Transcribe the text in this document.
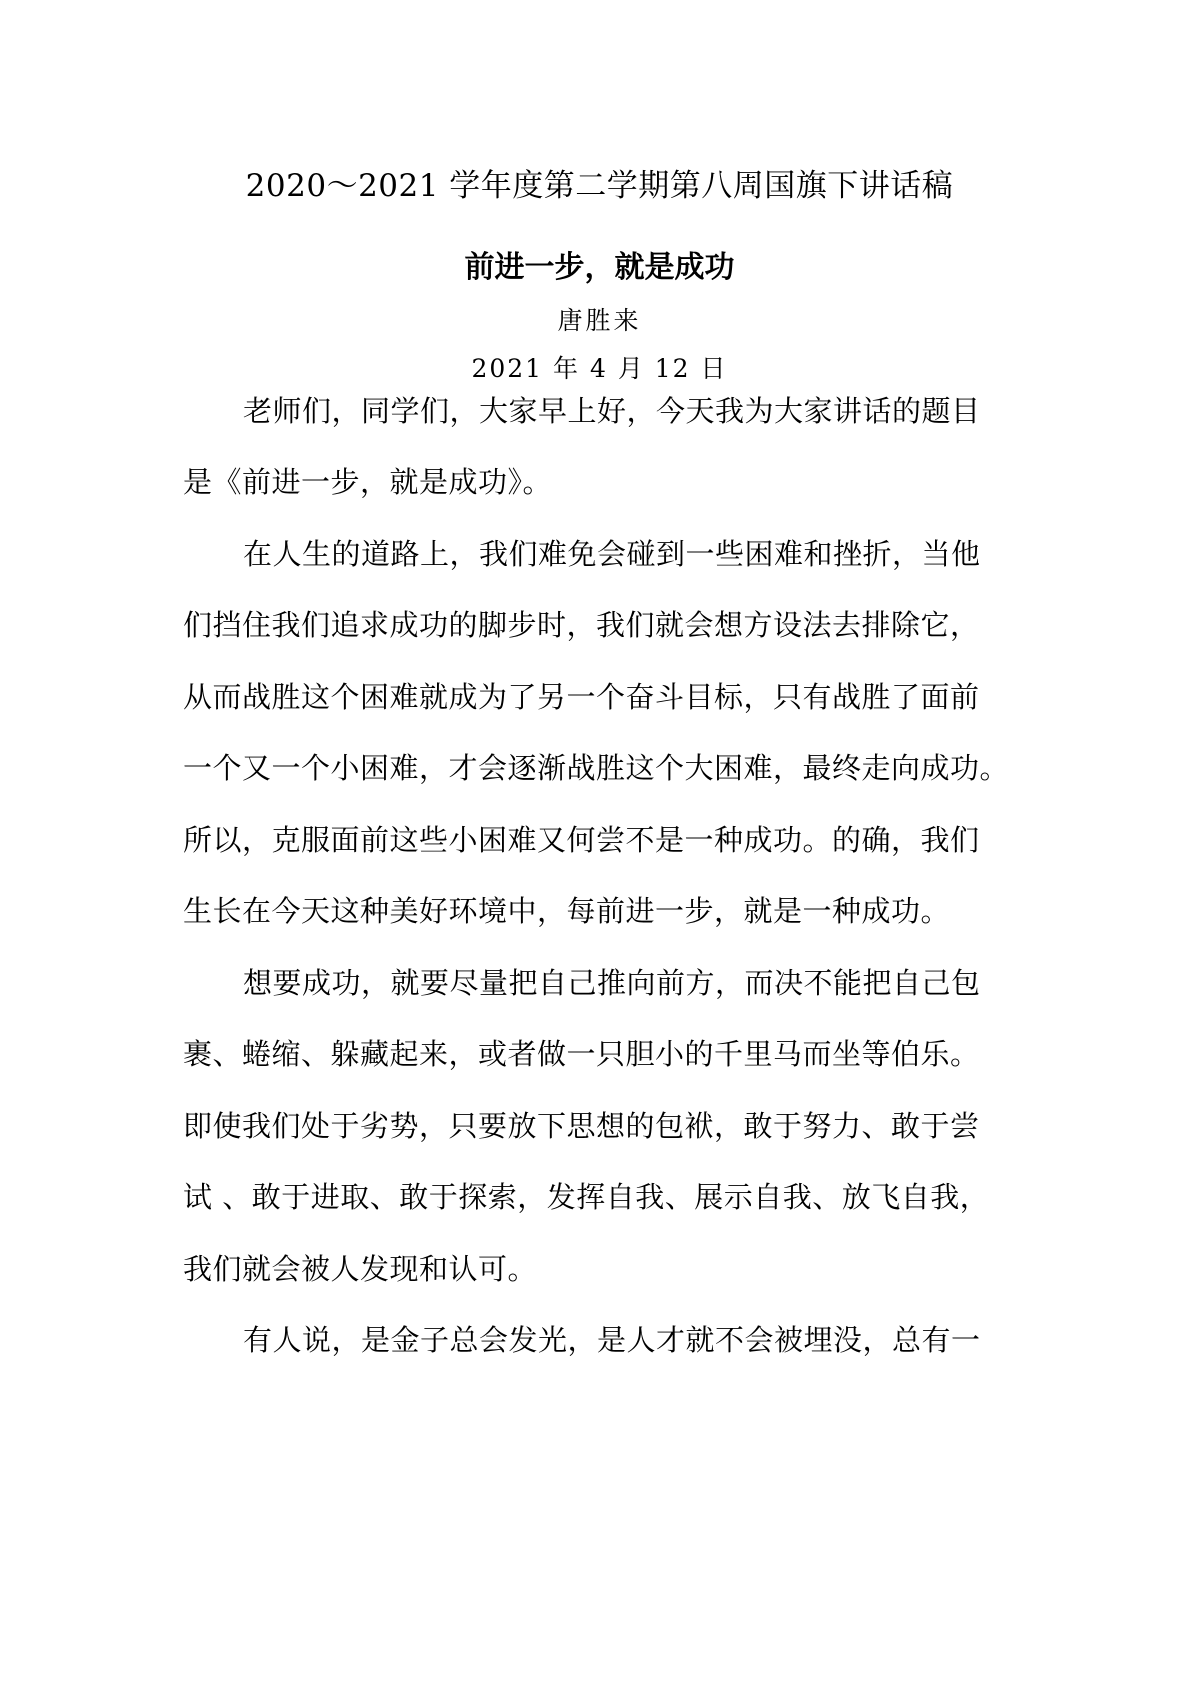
2020～2021 学年度第二学期第八周国旗下讲话稿
前进一步，就是成功
唐胜来
2021 年 4 月 12 日
老师们，同学们，大家早上好，今天我为大家讲话的题目
是《前进一步，就是成功》。
在人生的道路上，我们难免会碰到一些困难和挫折，当他
们挡住我们追求成功的脚步时，我们就会想方设法去排除它，
从而战胜这个困难就成为了另一个奋斗目标，只有战胜了面前
一个又一个小困难，才会逐渐战胜这个大困难，最终走向成功。
所以，克服面前这些小困难又何尝不是一种成功。的确，我们
生长在今天这种美好环境中，每前进一步，就是一种成功。
想要成功，就要尽量把自己推向前方，而决不能把自己包
裹、蜷缩、躲藏起来，或者做一只胆小的千里马而坐等伯乐。
即使我们处于劣势，只要放下思想的包袱，敢于努力、敢于尝
试 、敢于进取、敢于探索，发挥自我、展示自我、放飞自我，
我们就会被人发现和认可。
有人说，是金子总会发光，是人才就不会被埋没，总有一
